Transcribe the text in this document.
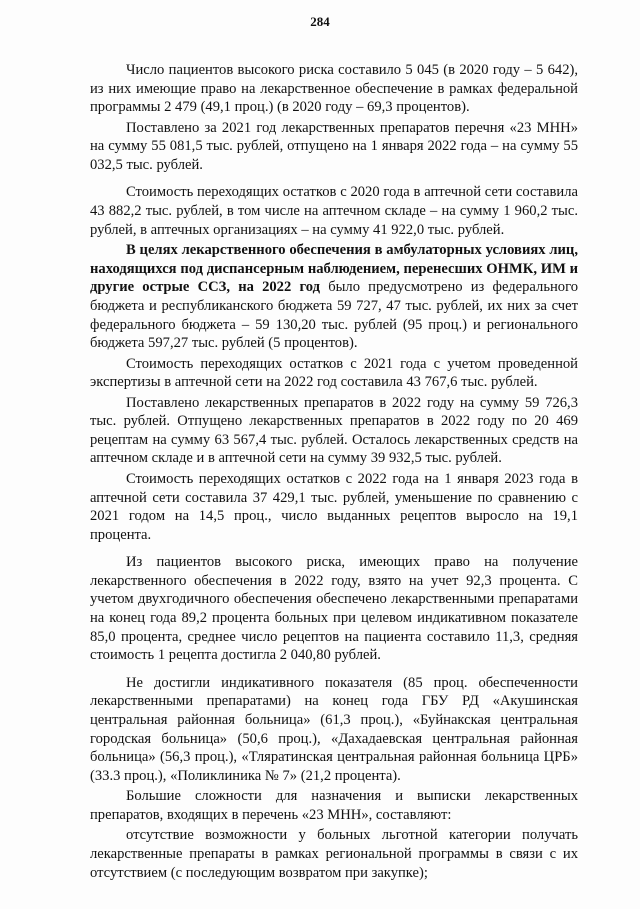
284

Число пациентов высокого риска составило 5 045 (в 2020 году – 5 642), из них имеющие право на лекарственное обеспечение в рамках федеральной программы 2 479 (49,1 проц.) (в 2020 году – 69,3 процентов).

Поставлено за 2021 год лекарственных препаратов перечня «23 МНН» на сумму 55 081,5 тыс. рублей, отпущено на 1 января 2022 года – на сумму 55 032,5 тыс. рублей.

Стоимость переходящих остатков с 2020 года в аптечной сети составила 43 882,2 тыс. рублей, в том числе на аптечном складе – на сумму 1 960,2 тыс. рублей, в аптечных организациях – на сумму 41 922,0 тыс. рублей.

В целях лекарственного обеспечения в амбулаторных условиях лиц, находящихся под диспансерным наблюдением, перенесших ОНМК, ИМ и другие острые ССЗ, на 2022 год было предусмотрено из федерального бюджета и республиканского бюджета 59 727, 47 тыс. рублей, их них за счет федерального бюджета – 59 130,20 тыс. рублей (95 проц.) и регионального бюджета 597,27 тыс. рублей (5 процентов).

Стоимость переходящих остатков с 2021 года с учетом проведенной экспертизы в аптечной сети на 2022 год составила 43 767,6 тыс. рублей.

Поставлено лекарственных препаратов в 2022 году на сумму 59 726,3 тыс. рублей. Отпущено лекарственных препаратов в 2022 году по 20 469 рецептам на сумму 63 567,4 тыс. рублей. Осталось лекарственных средств на аптечном складе и в аптечной сети на сумму 39 932,5 тыс. рублей.

Стоимость переходящих остатков с 2022 года на 1 января 2023 года в аптечной сети составила 37 429,1 тыс. рублей, уменьшение по сравнению с 2021 годом на 14,5 проц., число выданных рецептов выросло на 19,1 процента.

Из пациентов высокого риска, имеющих право на получение лекарственного обеспечения в 2022 году, взято на учет 92,3 процента. С учетом двухгодичного обеспечения обеспечено лекарственными препаратами на конец года 89,2 процента больных при целевом индикативном показателе 85,0 процента, среднее число рецептов на пациента составило 11,3, средняя стоимость 1 рецепта достигла 2 040,80 рублей.

Не достигли индикативного показателя (85 проц. обеспеченности лекарственными препаратами) на конец года ГБУ РД «Акушинская центральная районная больница» (61,3 проц.), «Буйнакская центральная городская больница» (50,6 проц.), «Дахадаевская центральная районная больница» (56,3 проц.), «Тляратинская центральная районная больница ЦРБ» (33.3 проц.), «Поликлиника № 7» (21,2 процента).

Большие сложности для назначения и выписки лекарственных препаратов, входящих в перечень «23 МНН», составляют:

отсутствие возможности у больных льготной категории получать лекарственные препараты в рамках региональной программы в связи с их отсутствием (с последующим возвратом при закупке);
